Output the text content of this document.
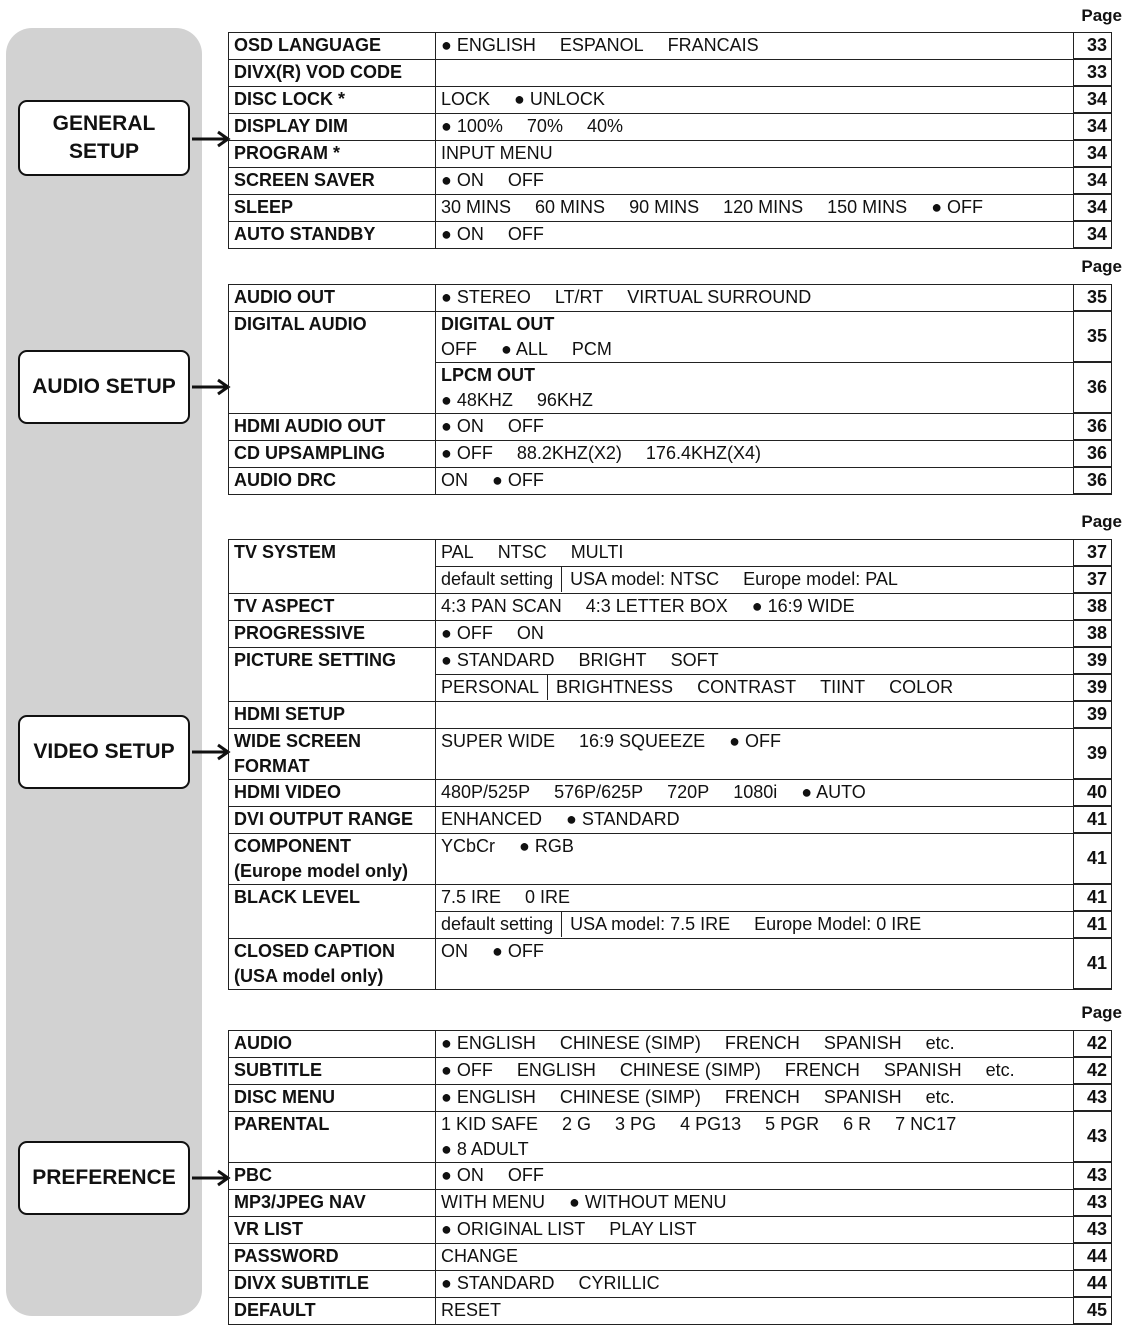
GENERAL SETUP
AUDIO SETUP
VIDEO SETUP
PREFERENCE
Page
Page
Page
Page
OSD LANGUAGE	● ENGLISH ESPANOL FRANCAIS	33

DIVX(R) VOD CODE		33

DISC LOCK *	LOCK ● UNLOCK	34

DISPLAY DIM	● 100% 70% 40%	34

PROGRAM *	INPUT MENU	34

SCREEN SAVER	● ON OFF	34

SLEEP	30 MINS 60 MINS 90 MINS 120 MINS 150 MINS ● OFF	34

AUTO STANDBY	● ON OFF	34
AUDIO OUT	● STEREO LT/RT VIRTUAL SURROUND	35

DIGITAL AUDIO	DIGITAL OUT
OFF ● ALL PCM	35

	LPCM OUT
● 48KHZ 96KHZ	36

HDMI AUDIO OUT	● ON OFF	36

CD UPSAMPLING	● OFF 88.2KHZ(X2) 176.4KHZ(X4)	36

AUDIO DRC	ON ● OFF	36
TV SYSTEM	PAL NTSC MULTI	37

	default setting USA model: NTSC Europe model: PAL	37

TV ASPECT	4:3 PAN SCAN 4:3 LETTER BOX ● 16:9 WIDE	38

PROGRESSIVE	● OFF ON	38

PICTURE SETTING	● STANDARD BRIGHT SOFT	39

	PERSONAL BRIGHTNESS CONTRAST TIINT COLOR	39

HDMI SETUP		39

WIDE SCREEN
FORMAT	SUPER WIDE 16:9 SQUEEZE ● OFF	39

HDMI VIDEO	480P/525P 576P/625P 720P 1080i ● AUTO	40

DVI OUTPUT RANGE	ENHANCED ● STANDARD	41

COMPONENT
(Europe model only)	YCbCr ● RGB	41

BLACK LEVEL	7.5 IRE 0 IRE	41

	default setting USA model: 7.5 IRE Europe Model: 0 IRE	41

CLOSED CAPTION
(USA model only)	ON ● OFF	41
AUDIO	● ENGLISH CHINESE (SIMP) FRENCH SPANISH etc.	42

SUBTITLE	● OFF ENGLISH CHINESE (SIMP) FRENCH SPANISH etc.	42

DISC MENU	● ENGLISH CHINESE (SIMP) FRENCH SPANISH etc.	43

PARENTAL	1 KID SAFE 2 G 3 PG 4 PG13 5 PGR 6 R 7 NC17
● 8 ADULT	43

PBC	● ON OFF	43

MP3/JPEG NAV	WITH MENU ● WITHOUT MENU	43

VR LIST	● ORIGINAL LIST PLAY LIST	43

PASSWORD	CHANGE	44

DIVX SUBTITLE	● STANDARD CYRILLIC	44

DEFAULT	RESET	45
